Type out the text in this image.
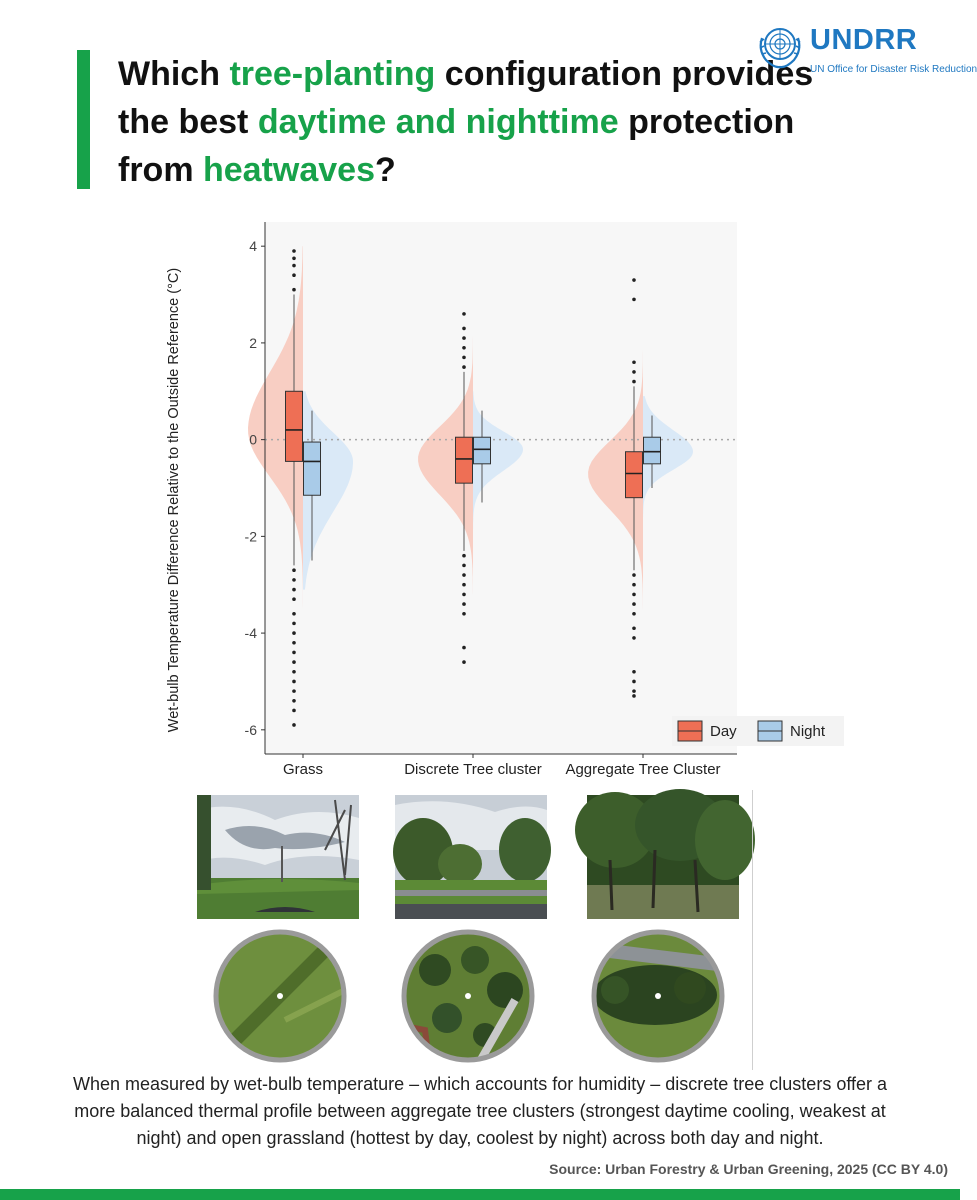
Which tree-planting configuration provides the best daytime and nighttime protection from heatwaves?
UNDRR
UN Office for Disaster Risk Reduction
4
2
0
-2
-4
-6
Grass	Discrete Tree cluster Aggregate Tree Cluster
Day	Night
Wet-bulb Temperature Difference Relative to the Outside Reference (°C)
When measured by wet-bulb temperature – which accounts for humidity – discrete tree clusters offer a more balanced thermal profile between aggregate tree clusters (strongest daytime cooling, weakest at night) and open grassland (hottest by day, coolest by night) across both day and night.
Source: Urban Forestry & Urban Greening, 2025 (CC BY 4.0)
